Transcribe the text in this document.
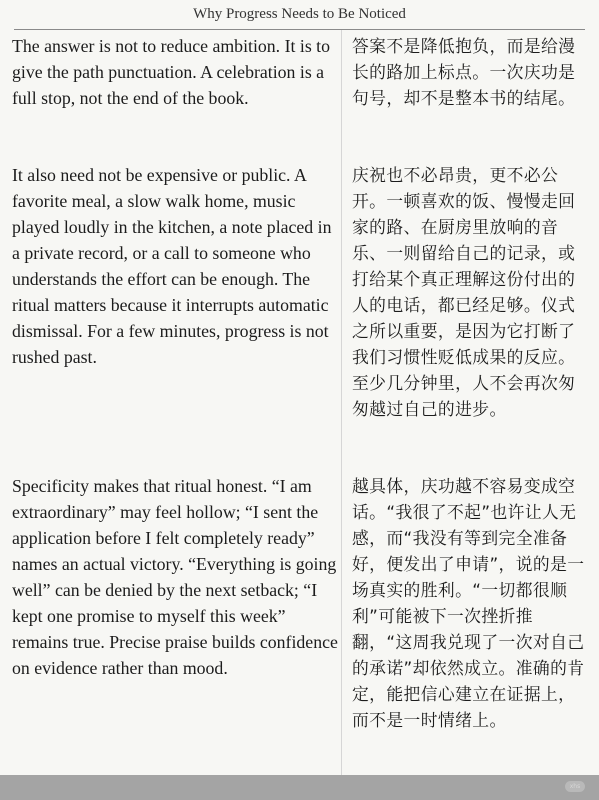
Why Progress Needs to Be Noticed
The answer is not to reduce ambition. It is to give the path punctuation. A celebration is a full stop, not the end of the book.
答案不是降低抱负，而是给漫长的路加上标点。一次庆功是句号，却不是整本书的结尾。
It also need not be expensive or public. A favorite meal, a slow walk home, music played loudly in the kitchen, a note placed in a private record, or a call to someone who understands the effort can be enough. The ritual matters because it interrupts automatic dismissal. For a few minutes, progress is not rushed past.
庆祝也不必昂贵，更不必公开。一顿喜欢的饭、慢慢走回家的路、在厨房里放响的音乐、一则留给自己的记录，或打给某个真正理解这份付出的人的电话，都已经足够。仪式之所以重要，是因为它打断了我们习惯性贬低成果的反应。至少几分钟里，人不会再次匆匆越过自己的进步。
Specificity makes that ritual honest. “I am extraordinary” may feel hollow; “I sent the application before I felt completely ready” names an actual victory. “Everything is going well” can be denied by the next setback; “I kept one promise to myself this week” remains true. Precise praise builds confidence on evidence rather than mood.
越具体，庆功越不容易变成空话。“我很了不起”也许让人无感，而“我没有等到完全准备好，便发出了申请”，说的是一场真实的胜利。“一切都很顺利”可能被下一次挫折推翻，“这周我兑现了一次对自己的承诺”却依然成立。准确的肯定，能把信心建立在证据上，而不是一时情绪上。
xhs
